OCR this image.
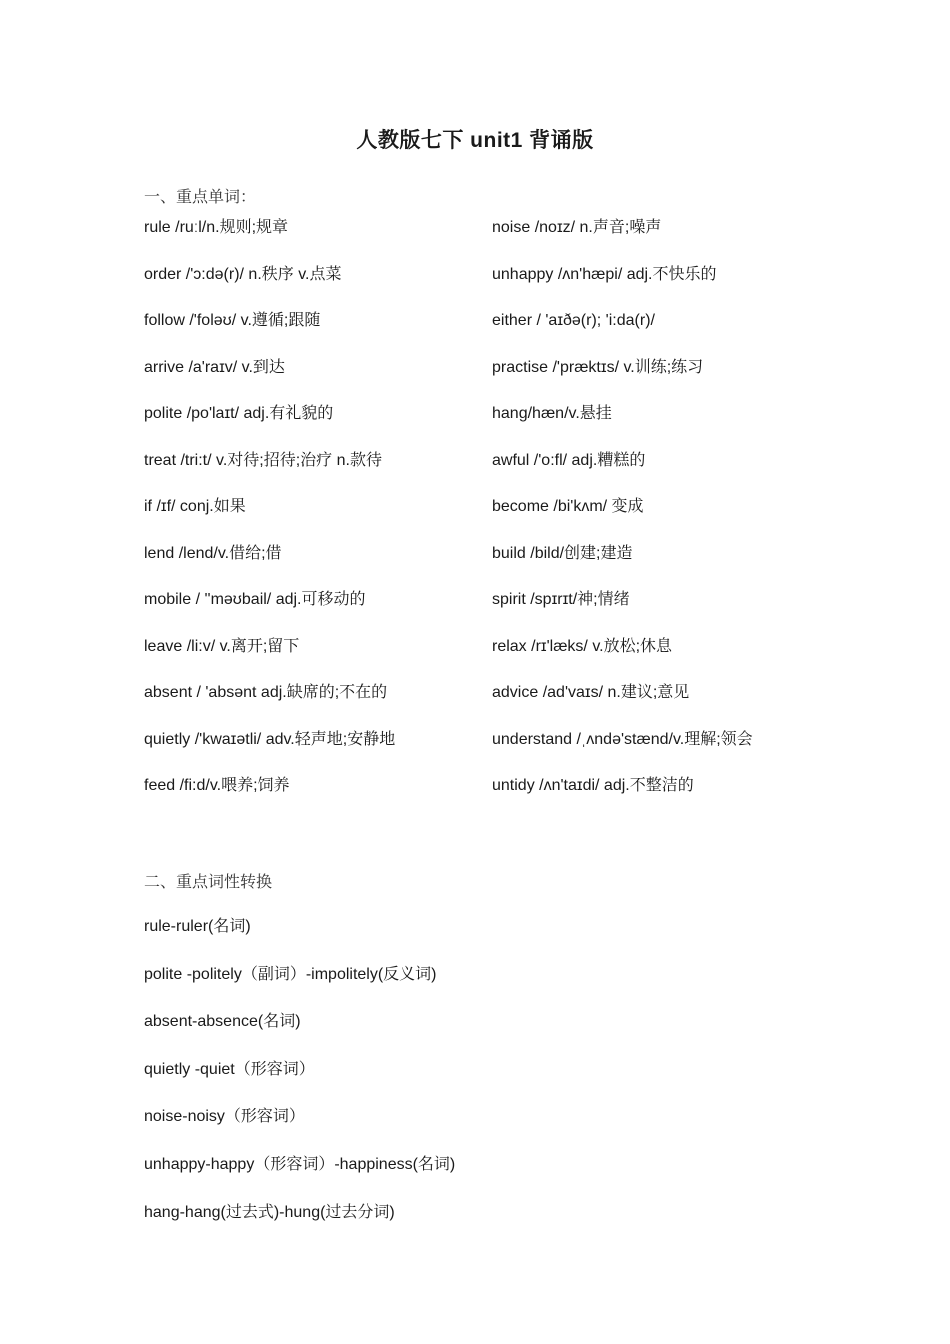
人教版七下 unit1 背诵版
一、重点单词：
rule /ruːl/n.规则;规章	noise /noɪz/ n.声音;噪声
order /'ɔ:də(r)/ n.秩序 v.点菜	unhappy /ʌn'hæpi/ adj.不快乐的
follow /'folǝʊ/ v.遵循;跟随	either / 'aɪðə(r); 'i:da(r)/
arrive /a'raɪv/ v.到达	practise /'præktɪs/ v.训练;练习
polite /po'laɪt/ adj.有礼貌的	hang/hæn/v.悬挂
treat /tri:t/ v.对待;招待;治疗 n.款待	awful /'o:fl/ adj.糟糕的
if /ɪf/ conj.如果	become /bi'kʌm/ 变成
lend /lend/v.借给;借	build /bild/创建;建造
mobile / ''məʊbail/ adj.可移动的	spirit /spɪrɪt/神;情绪
leave /li:v/ v.离开;留下	relax /rɪ'læks/ v.放松;休息
absent / 'absənt adj.缺席的;不在的	advice /ad'vaɪs/ n.建议;意见
quietly /'kwaɪətli/ adv.轻声地;安静地	understand /ˌʌndə'stænd/v.理解;领会
feed /fi:d/v.喂养;饲养	untidy /ʌn'taɪdi/ adj.不整洁的
二、重点词性转换
rule-ruler(名词)
polite -politely（副词）-impolitely(反义词)
absent-absence(名词)
quietly -quiet（形容词）
noise-noisy（形容词）
unhappy-happy（形容词）-happiness(名词)
hang-hang(过去式)-hung(过去分词)
